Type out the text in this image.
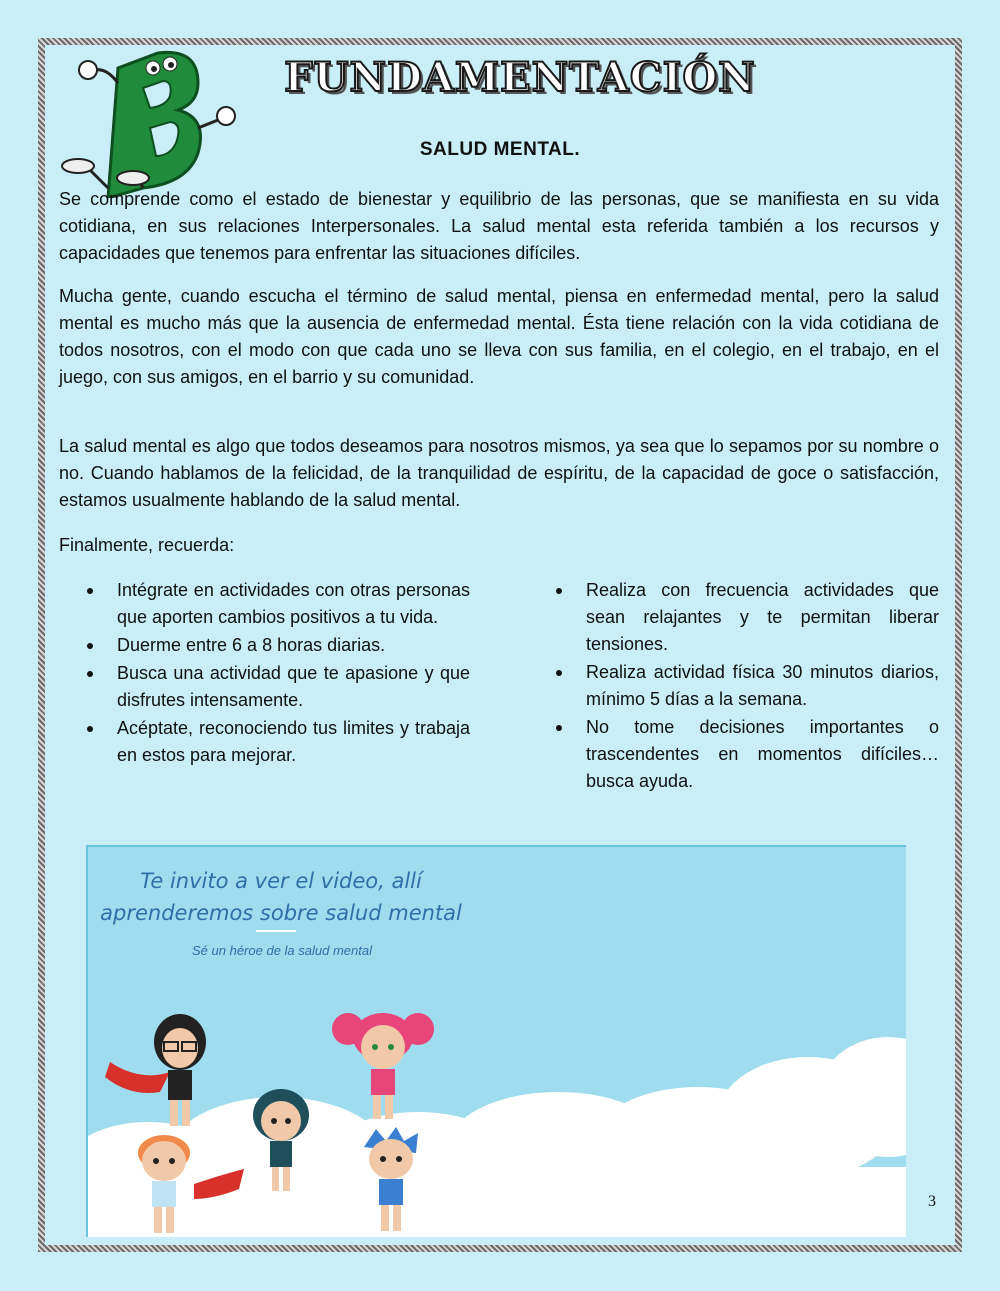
FUNDAMENTACIÓN
SALUD MENTAL.

Se comprende como el estado de bienestar y equilibrio de las personas, que se manifiesta en su vida cotidiana, en sus relaciones Interpersonales. La salud mental esta referida también a los recursos y capacidades que tenemos para enfrentar las situaciones difíciles.

Mucha gente, cuando escucha el término de salud mental, piensa en enfermedad mental, pero la salud mental es mucho más que la ausencia de enfermedad mental. Ésta tiene relación con la vida cotidiana de todos nosotros, con el modo con que cada uno se lleva con sus familia, en el colegio, en el trabajo, en el juego, con sus amigos, en el barrio y su comunidad.

La salud mental es algo que todos deseamos para nosotros mismos, ya sea que lo sepamos por su nombre o no. Cuando hablamos de la felicidad, de la tranquilidad de espíritu, de la capacidad de goce o satisfacción, estamos usualmente hablando de la salud mental.

Finalmente, recuerda:

Intégrate en actividades con otras personas que aporten cambios positivos a tu vida.
Duerme entre 6 a 8 horas diarias.
Busca una actividad que te apasione y que disfrutes intensamente.
Acéptate, reconociendo tus limites y trabaja en estos para mejorar.
Realiza con frecuencia actividades que sean relajantes y te permitan liberar tensiones.
Realiza actividad física 30 minutos diarios, mínimo 5 días a la semana.
No tome decisiones importantes o trascendentes en momentos difíciles… busca ayuda.
Te invito a ver el video, allí
aprenderemos sobre salud mental
Sé un héroe de la salud mental
3
